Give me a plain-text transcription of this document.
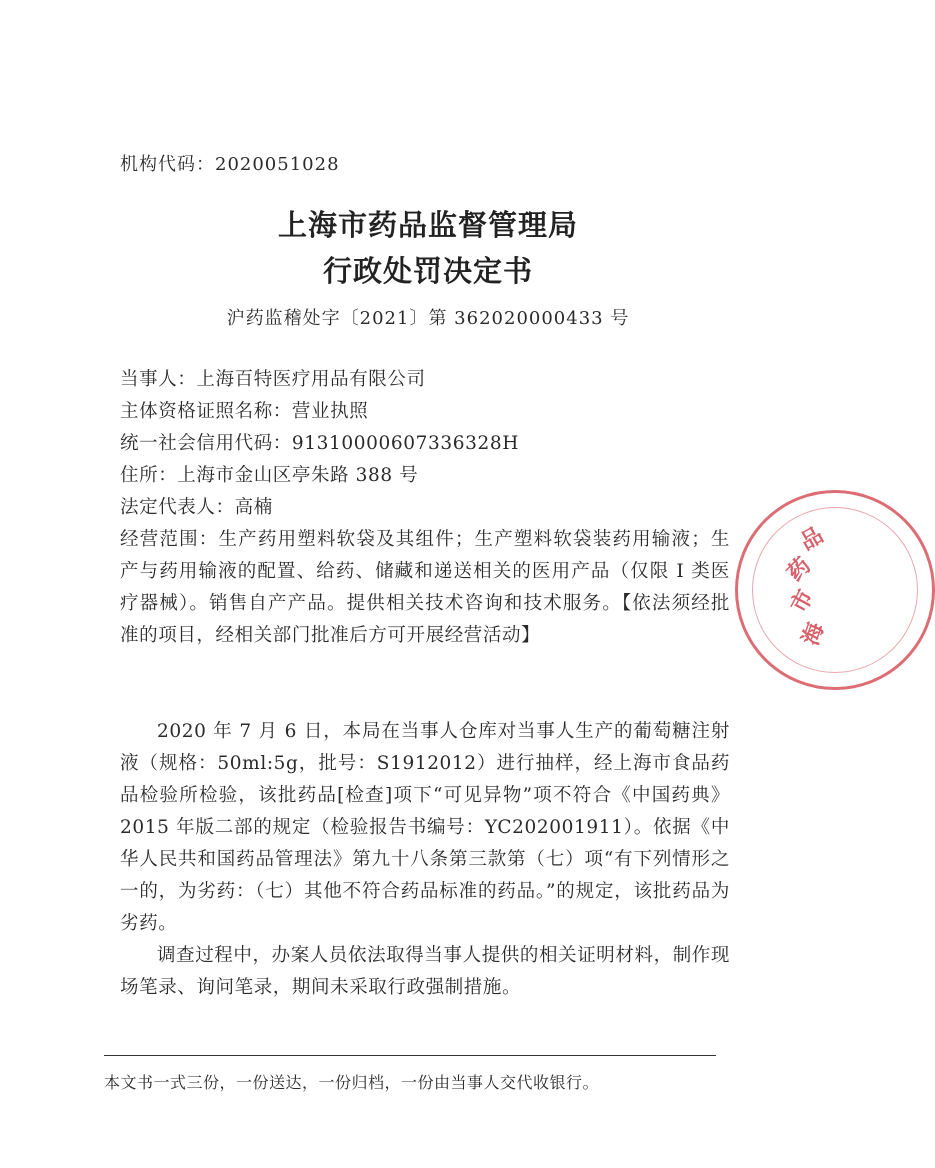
机构代码：2020051028
上海市药品监督管理局
行政处罚决定书
沪药监稽处字〔2021〕第 362020000433 号
当事人：上海百特医疗用品有限公司
主体资格证照名称：营业执照
统一社会信用代码：91310000607336328H
住所：上海市金山区亭朱路 388 号
法定代表人：高楠
经营范围：生产药用塑料软袋及其组件；生产塑料软袋装药用输液；生产与药用输液的配置、给药、储藏和递送相关的医用产品（仅限 I 类医疗器械）。销售自产产品。提供相关技术咨询和技术服务。【依法须经批准的项目，经相关部门批准后方可开展经营活动】

2020 年 7 月 6 日，本局在当事人仓库对当事人生产的葡萄糖注射液（规格：50ml:5g，批号：S1912012）进行抽样，经上海市食品药品检验所检验，该批药品[检查]项下“可见异物”项不符合《中国药典》2015 年版二部的规定（检验报告书编号：YC202001911）。依据《中华人民共和国药品管理法》第九十八条第三款第（七）项“有下列情形之一的，为劣药：（七）其他不符合药品标准的药品。”的规定，该批药品为劣药。

调查过程中，办案人员依法取得当事人提供的相关证明材料，制作现场笔录、询问笔录，期间未采取行政强制措施。

本文书一式三份，一份送达，一份归档，一份由当事人交代收银行。
海
市
药
品
